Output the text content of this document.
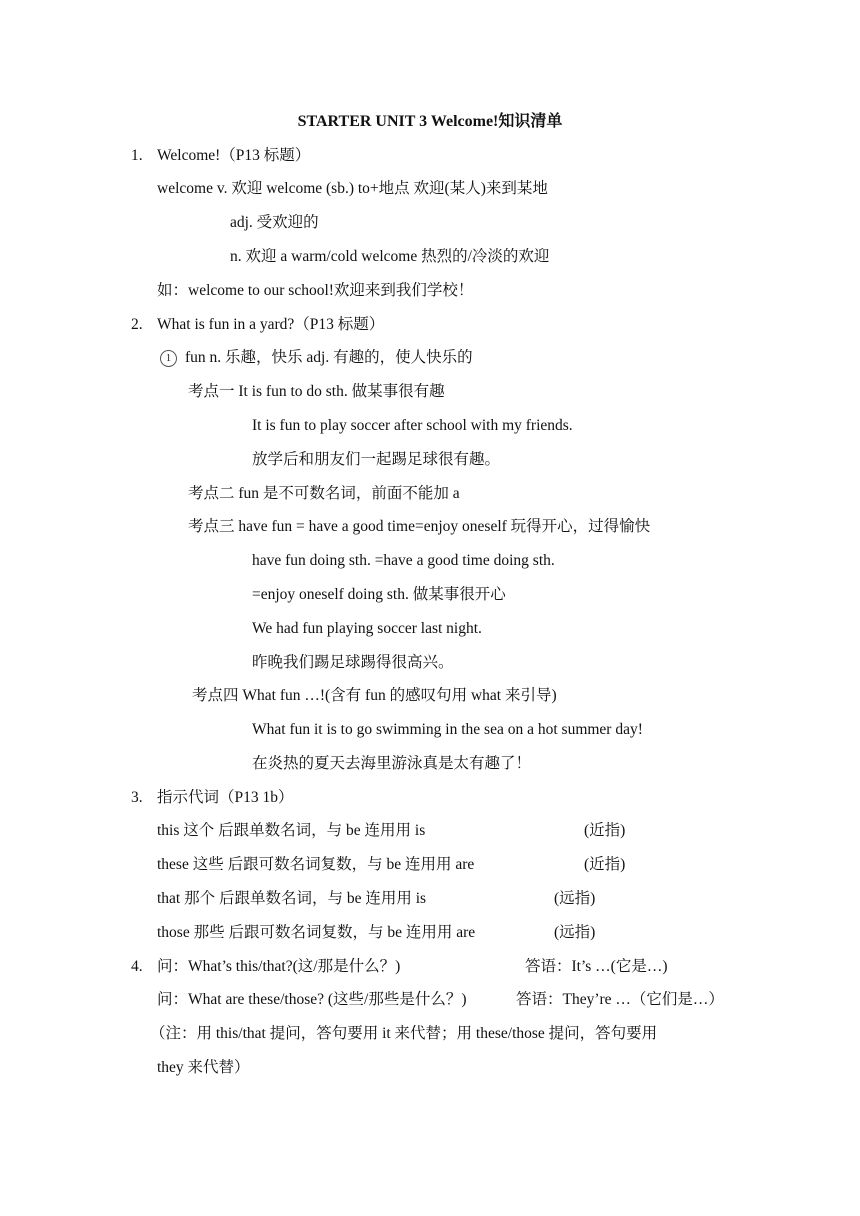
STARTER UNIT 3 Welcome!知识清单
1. Welcome!（P13 标题）
welcome v. 欢迎 welcome (sb.) to+地点 欢迎(某人)来到某地
adj. 受欢迎的
n. 欢迎 a warm/cold welcome 热烈的/冷淡的欢迎
如：welcome to our school!欢迎来到我们学校！
2. What is fun in a yard?（P13 标题）
1 fun n. 乐趣，快乐 adj. 有趣的，使人快乐的
考点一 It is fun to do sth. 做某事很有趣
It is fun to play soccer after school with my friends.
放学后和朋友们一起踢足球很有趣。
考点二 fun 是不可数名词，前面不能加 a
考点三 have fun = have a good time=enjoy oneself 玩得开心，过得愉快
have fun doing sth. =have a good time doing sth.
=enjoy oneself doing sth. 做某事很开心
We had fun playing soccer last night.
昨晚我们踢足球踢得很高兴。
考点四 What fun …!(含有 fun 的感叹句用 what 来引导)
What fun it is to go swimming in the sea on a hot summer day!
在炎热的夏天去海里游泳真是太有趣了！
3. 指示代词（P13 1b）
this 这个 后跟单数名词，与 be 连用用 is	(近指)
these 这些 后跟可数名词复数，与 be 连用用 are	(近指)
that 那个 后跟单数名词，与 be 连用用 is	(远指)
those 那些 后跟可数名词复数，与 be 连用用 are	(远指)
4. 问：What’s this/that?(这/那是什么？)	答语：It’s …(它是…)
问：What are these/those? (这些/那些是什么？)	答语：They’re …（它们是…）
（注：用 this/that 提问，答句要用 it 来代替；用 these/those 提问，答句要用
they 来代替）
